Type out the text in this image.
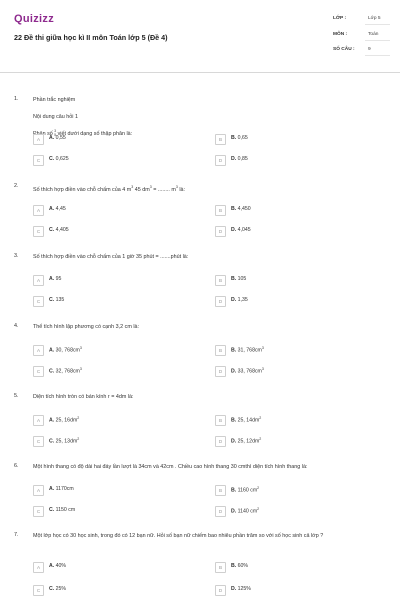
Quizizz
22 Đề thi giữa học kì II môn Toán lớp 5 (Đề 4)
LỚP :	Lớp 5
MÔN :	Toán
SỐ CÂU :	9
1.	Phần trắc nghiệm
Nội dung câu hỏi 1
Phân số 3
5 viết dưới dạng số thập phân là:
A	A. 0,55	B	B. 0,65
C	C. 0,625	D	D. 0,85
2.
Số thích hợp điền vào chỗ chấm của 4 $m^3$ 45 $dm^3$ = ........ $m^3$ là:
A	A. 4,45	B	B. 4,450
C	C. 4,405	D	D. 4,045
3.	Số thích hợp điền vào chỗ chấm của 1 giờ 35 phút = .......phút là:
A	A. 95	B	B. 105
C	C. 135	D	D. 1,35
4.	Thể tích hình lập phương có cạnh 3,2 cm là:
A	A. 30, $768cm^3$	B	B. 31, $768cm^3$
C	C. 32, $768cm^3$	D	D. 33, $768cm^3$
5.	Diện tích hình tròn có bán kính r = 4dm là:
A	A. 25, $16dm^2$	B	B. 25, $14dm^2$
C	C. 25, $13dm^2$	D	D. 25, $12dm^2$
6.	Một hình thang có độ dài hai đáy lần lượt là 34cm và 42cm . Chiều cao hình thang 30 cmthì diện tích hình thang là:
A	A. 1170cm	B	B. 1160 $cm^2$
C	C. 1150 cm	D	D. 1140 $cm^2$
7.	Một lớp học có 30 học sinh, trong đó có 12 bạn nữ. Hỏi số bạn nữ chiếm bao nhiêu phần trăm so với số học sinh cả lớp ?
A	A. 40%	B	B. 60%
C	C. 25%	D	D. 125%
